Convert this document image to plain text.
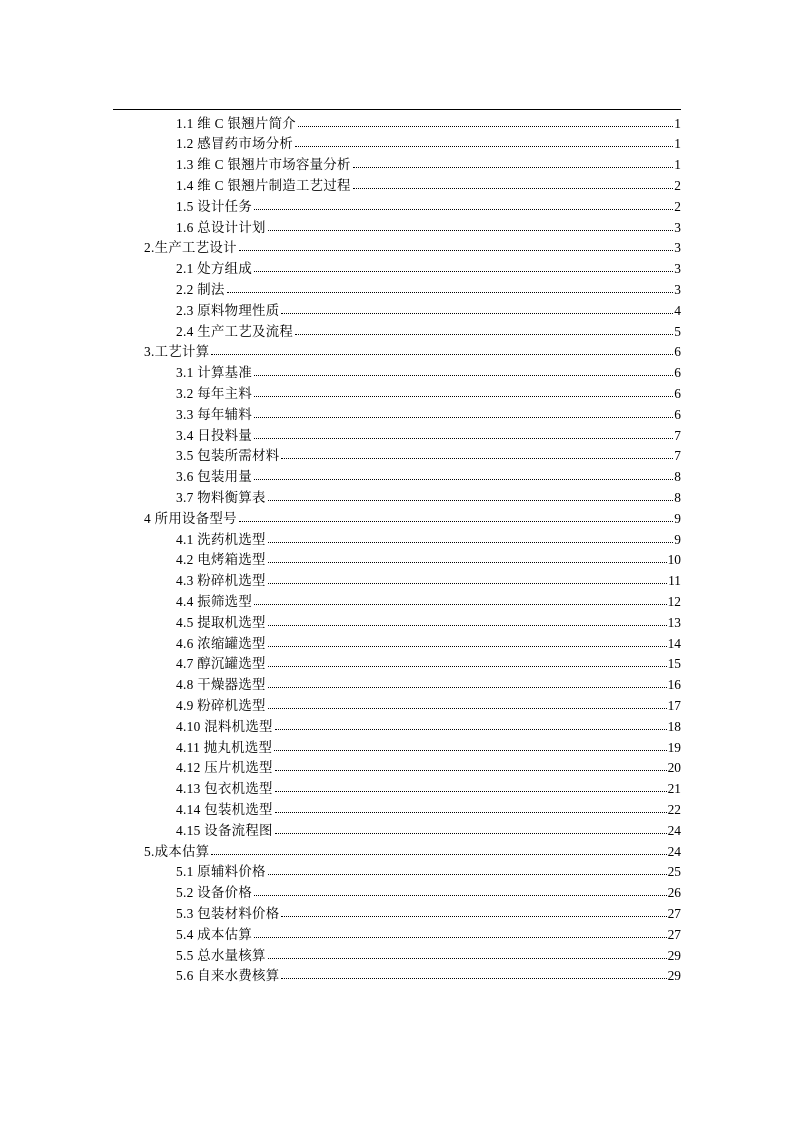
1.1 维 C 银翘片简介	1
1.2 感冒药市场分析	1
1.3 维 C 银翘片市场容量分析	1
1.4 维 C 银翘片制造工艺过程	2
1.5 设计任务	2
1.6 总设计计划	3
2.生产工艺设计	3
2.1 处方组成	3
2.2 制法	3
2.3 原料物理性质	4
2.4 生产工艺及流程	5
3.工艺计算	6
3.1 计算基准	6
3.2 每年主料	6
3.3 每年辅料	6
3.4 日投料量	7
3.5 包装所需材料	7
3.6 包装用量	8
3.7 物料衡算表	8
4 所用设备型号	9
4.1 洗药机选型	9
4.2 电烤箱选型	10
4.3 粉碎机选型	11
4.4 振筛选型	12
4.5 提取机选型	13
4.6 浓缩罐选型	14
4.7 醇沉罐选型	15
4.8 干燥器选型	16
4.9 粉碎机选型	17
4.10 混料机选型	18
4.11 抛丸机选型	19
4.12 压片机选型	20
4.13 包衣机选型	21
4.14 包装机选型	22
4.15 设备流程图	24
5.成本估算	24
5.1 原辅料价格	25
5.2 设备价格	26
5.3 包装材料价格	27
5.4 成本估算	27
5.5 总水量核算	29
5.6 自来水费核算	29
